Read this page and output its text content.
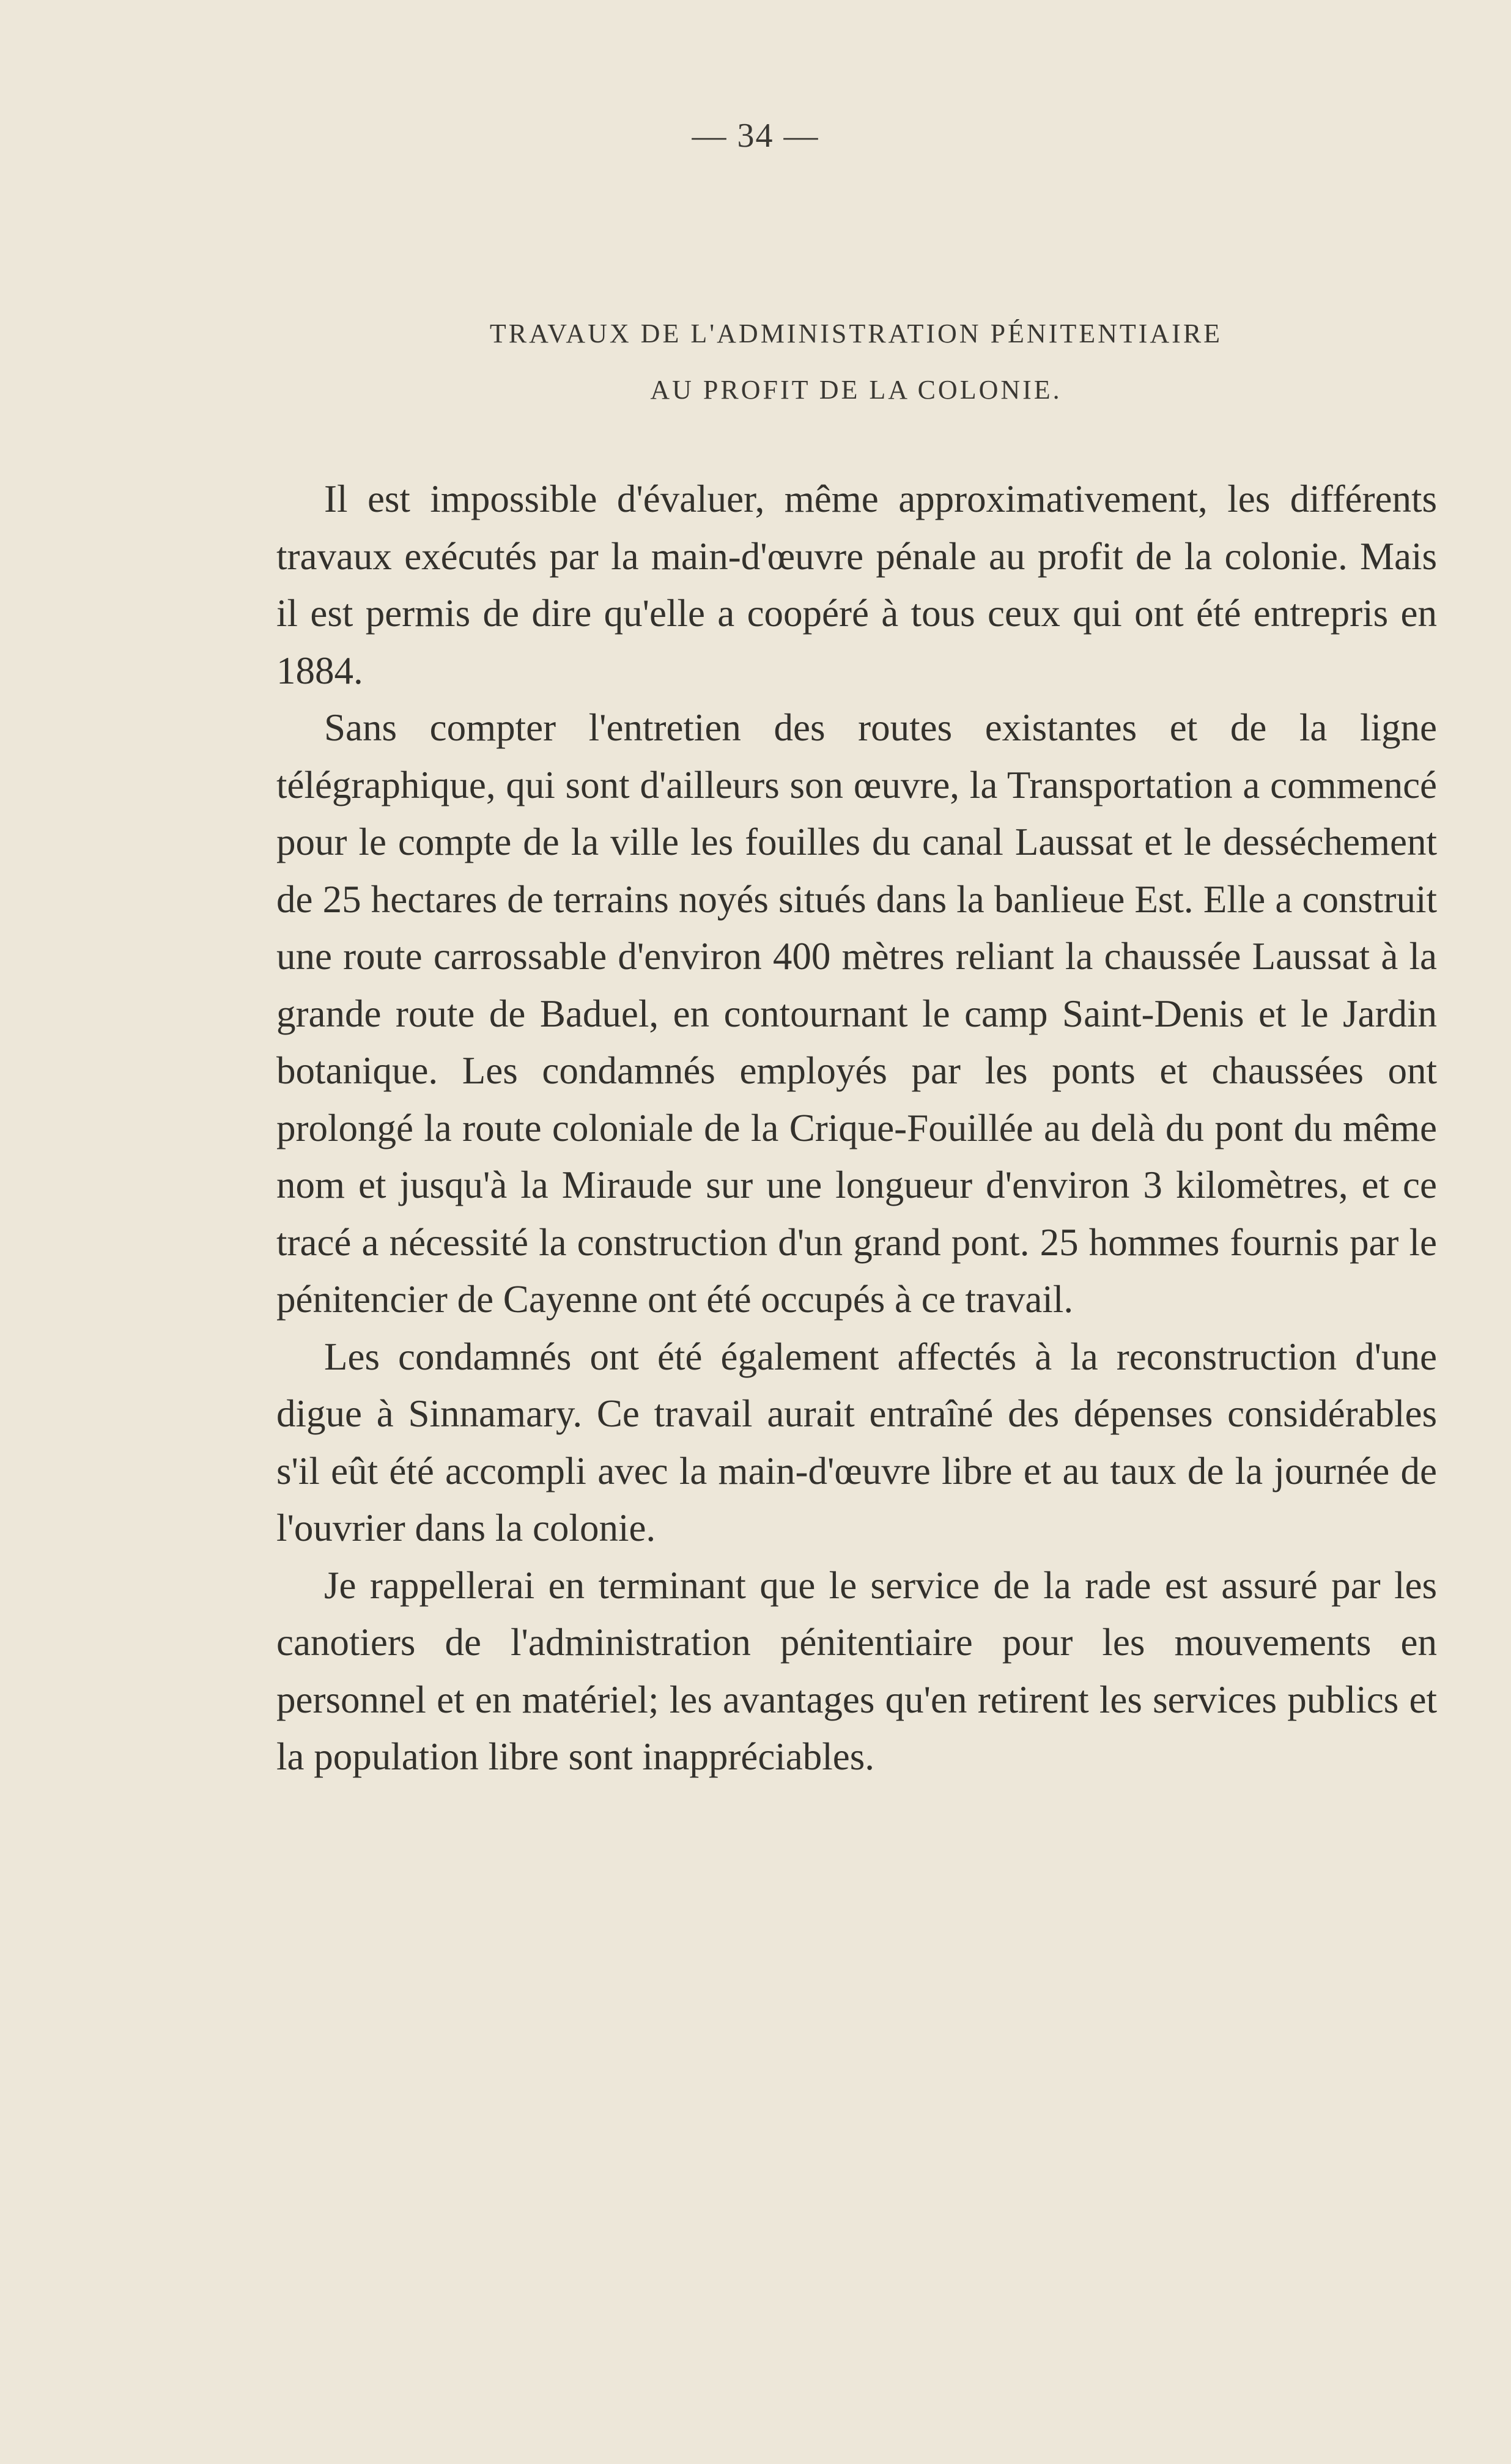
— 34 —
TRAVAUX DE L'ADMINISTRATION PÉNITENTIAIRE
AU PROFIT DE LA COLONIE.

Il est impossible d'évaluer, même approximativement, les différents travaux exécutés par la main-d'œuvre pénale au profit de la colonie. Mais il est permis de dire qu'elle a coopéré à tous ceux qui ont été entrepris en 1884.

Sans compter l'entretien des routes existantes et de la ligne télégraphique, qui sont d'ailleurs son œuvre, la Transportation a commencé pour le compte de la ville les fouilles du canal Laussat et le desséchement de 25 hectares de terrains noyés situés dans la banlieue Est. Elle a construit une route carrossable d'environ 400 mètres reliant la chaussée Laussat à la grande route de Baduel, en contournant le camp Saint-Denis et le Jardin botanique. Les condamnés employés par les ponts et chaussées ont prolongé la route coloniale de la Crique-Fouillée au delà du pont du même nom et jusqu'à la Miraude sur une longueur d'environ 3 kilomètres, et ce tracé a nécessité la construction d'un grand pont. 25 hommes fournis par le pénitencier de Cayenne ont été occupés à ce travail.

Les condamnés ont été également affectés à la reconstruction d'une digue à Sinnamary. Ce travail aurait entraîné des dépenses considérables s'il eût été accompli avec la main-d'œuvre libre et au taux de la journée de l'ouvrier dans la colonie.

Je rappellerai en terminant que le service de la rade est assuré par les canotiers de l'administration pénitentiaire pour les mouvements en personnel et en matériel; les avantages qu'en retirent les services publics et la population libre sont inappréciables.
